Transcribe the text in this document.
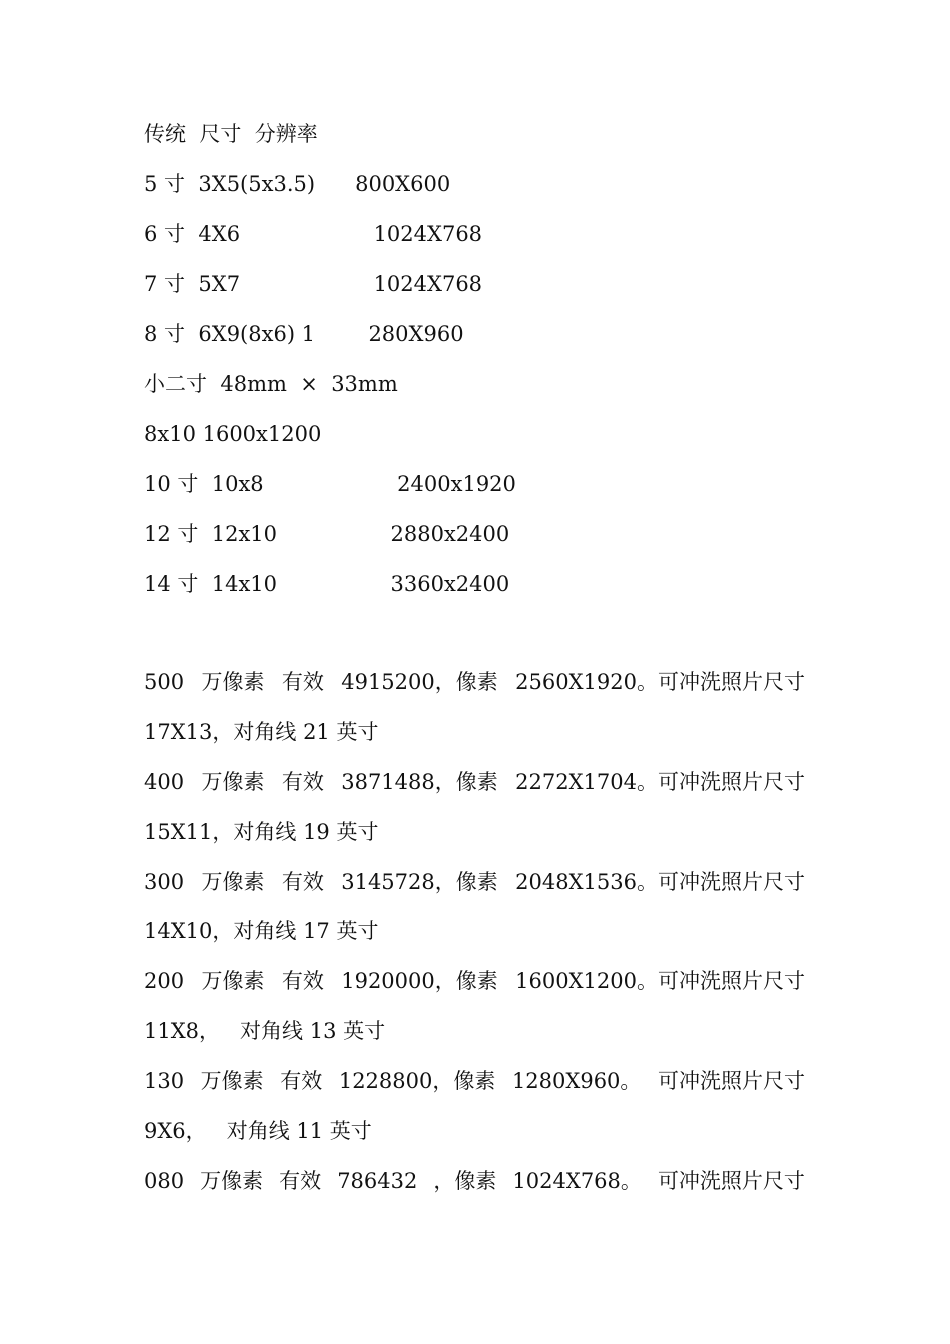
传统  尺寸  分辨率
5 寸  3X5(5x3.5)      800X600
6 寸  4X6                    1024X768
7 寸  5X7                    1024X768
8 寸  6X9(8x6) 1        280X960
小二寸  48mm  ×  33mm
8x10 1600x1200
10 寸  10x8                    2400x1920
12 寸  12x10                 2880x2400
14 寸  14x10                 3360x2400
500 万像素 有效 4915200，像素 2560X1920。可冲洗照片尺寸
17X13，对角线 21 英寸
400 万像素 有效 3871488，像素 2272X1704。可冲洗照片尺寸
15X11，对角线 19 英寸
300 万像素 有效 3145728，像素 2048X1536。可冲洗照片尺寸
14X10，对角线 17 英寸
200 万像素 有效 1920000，像素 1600X1200。可冲洗照片尺寸
11X8，   对角线 13 英寸
130 万像素 有效 1228800，像素 1280X960。 可冲洗照片尺寸
9X6，   对角线 11 英寸
080 万像素 有效 786432 ，像素 1024X768。 可冲洗照片尺寸
